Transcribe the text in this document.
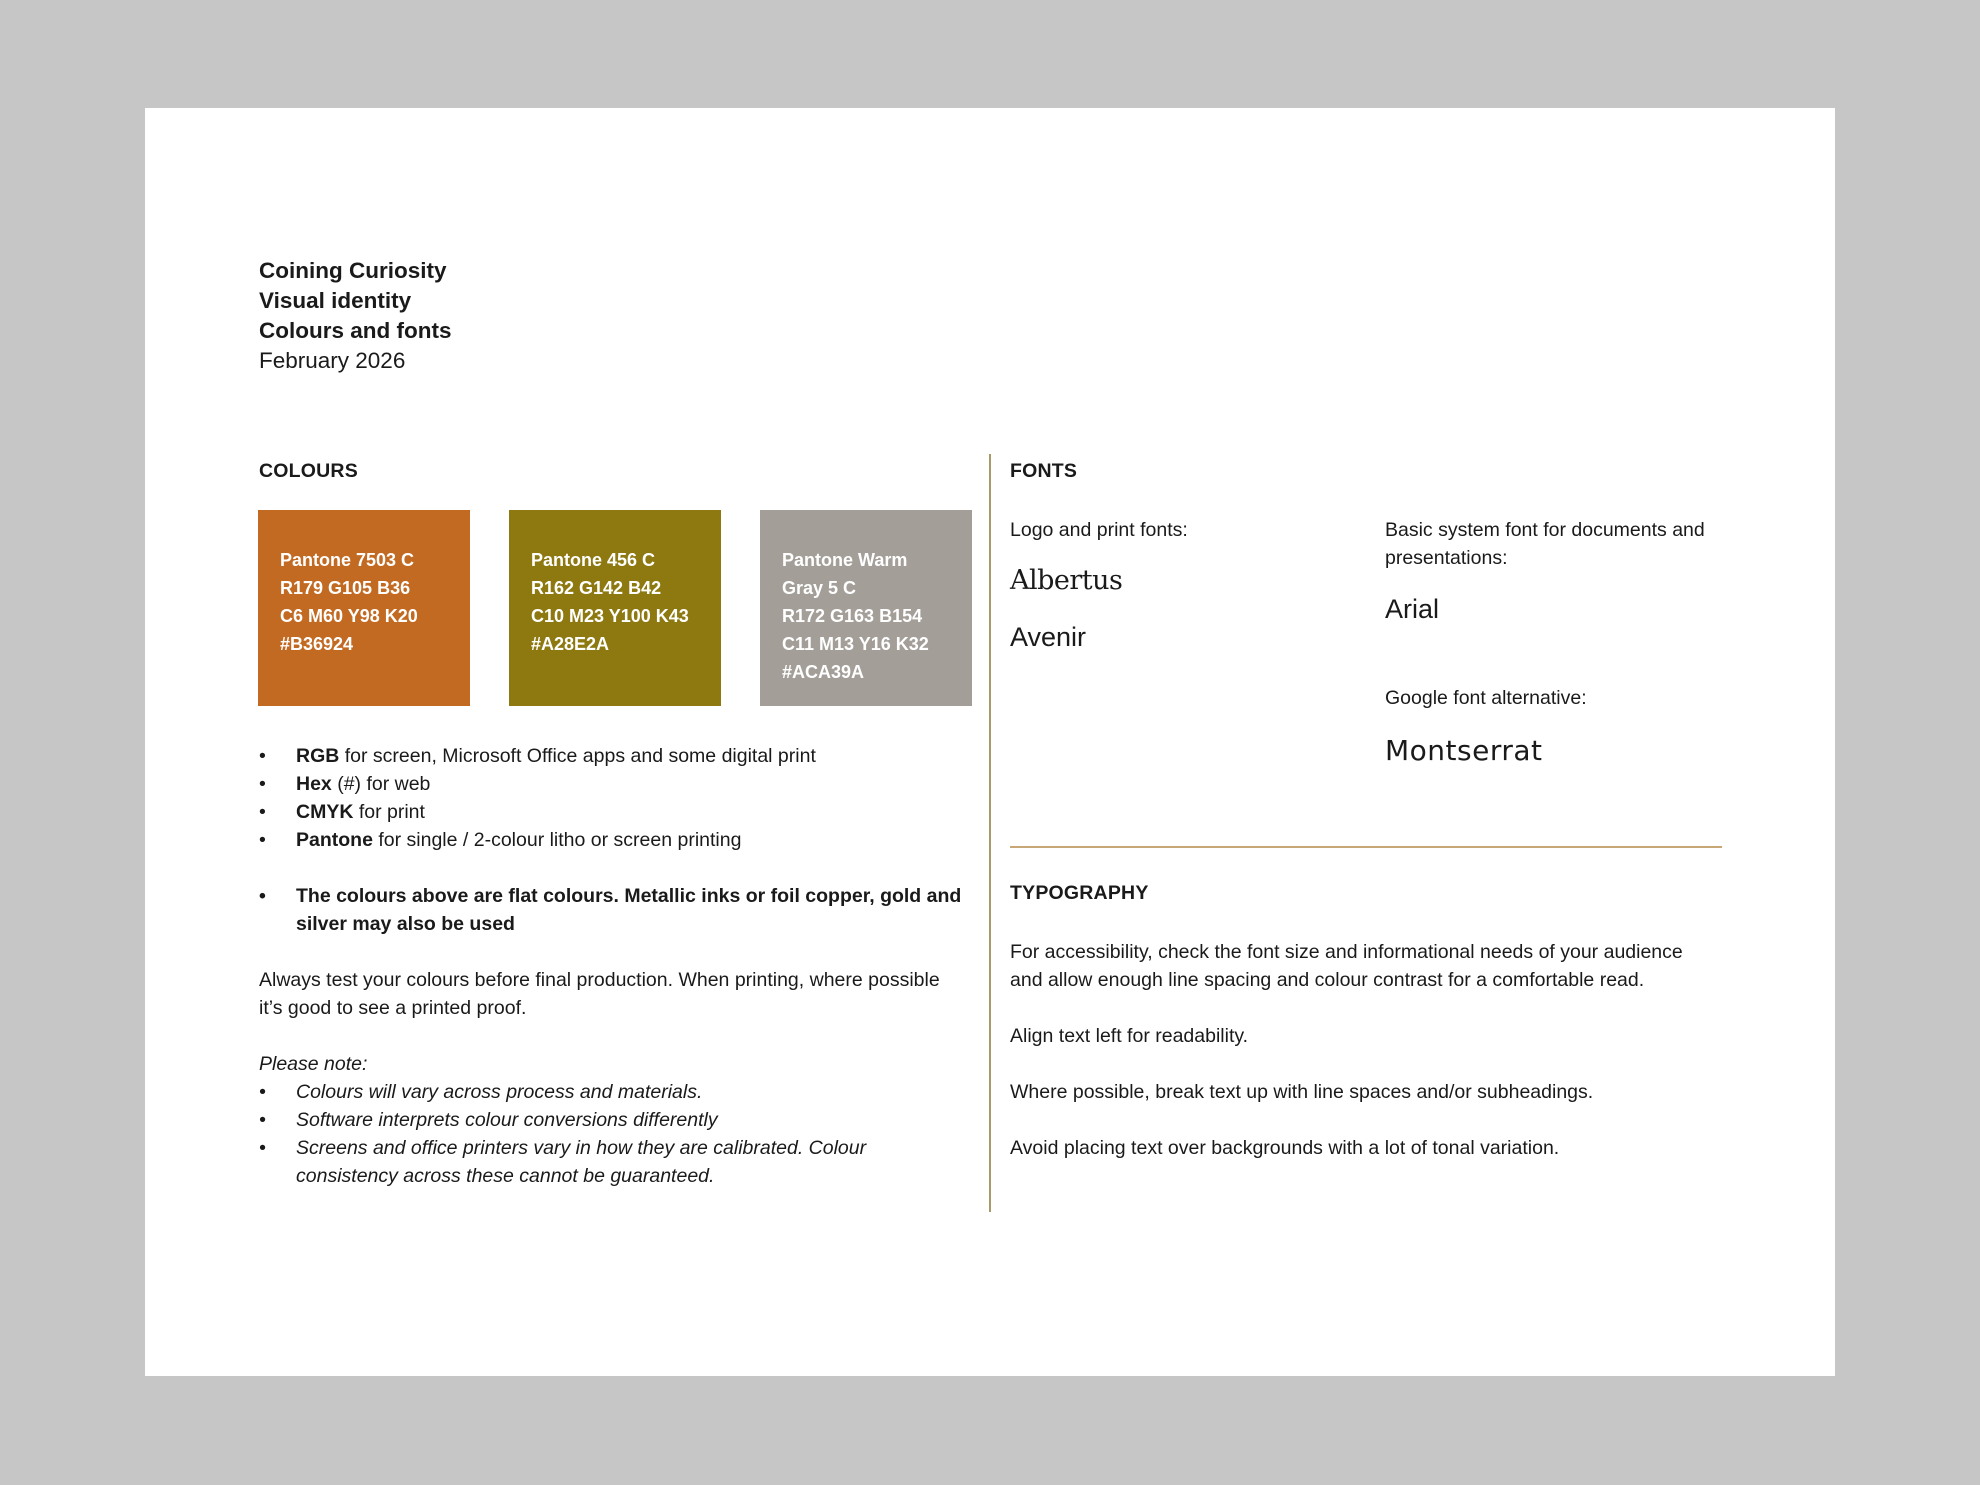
Coining Curiosity
Visual identity
Colours and fonts
February 2026
COLOURS
Pantone 7503 C
R179 G105 B36
C6 M60 Y98 K20
#B36924
Pantone 456 C
R162 G142 B42
C10 M23 Y100 K43
#A28E2A
Pantone Warm
Gray 5 C
R172 G163 B154
C11 M13 Y16 K32
#ACA39A
• RGB for screen, Microsoft Office apps and some digital print
• Hex (#) for web
• CMYK for print
• Pantone for single / 2-colour litho or screen printing
• The colours above are flat colours. Metallic inks or foil copper, gold and
silver may also be used
Always test your colours before final production. When printing, where possible
it’s good to see a printed proof.
Please note:
• Colours will vary across process and materials.
• Software interprets colour conversions differently
• Screens and office printers vary in how they are calibrated. Colour
consistency across these cannot be guaranteed.
FONTS
Logo and print fonts:
Albertus
Avenir
Basic system font for documents and
presentations:
Arial
Google font alternative:
Montserrat
TYPOGRAPHY
For accessibility, check the font size and informational needs of your audience
and allow enough line spacing and colour contrast for a comfortable read.
Align text left for readability.
Where possible, break text up with line spaces and/or subheadings.
Avoid placing text over backgrounds with a lot of tonal variation.
